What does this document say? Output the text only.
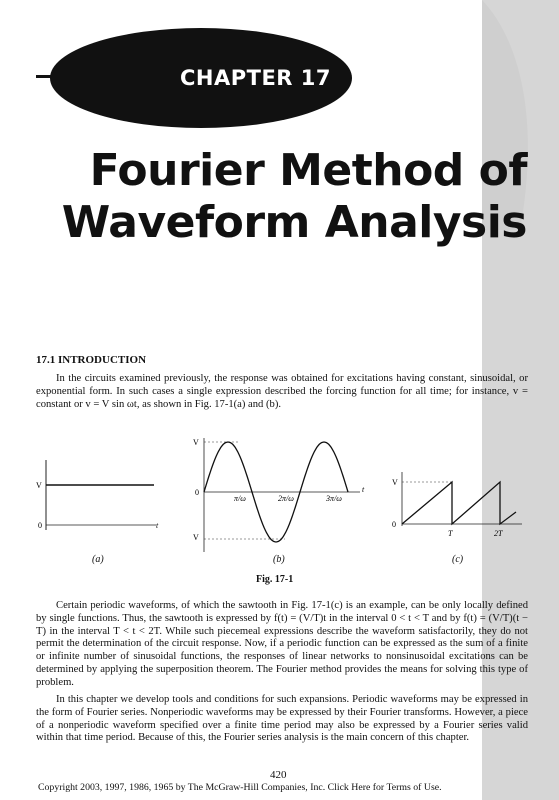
CHAPTER 17
Fourier Method of
Waveform Analysis
17.1 INTRODUCTION

In the circuits examined previously, the response was obtained for excitations having constant, sinusoidal, or exponential form. In such cases a single expression described the forcing function for all time; for instance, v = constant or v = V sin ωt, as shown in Fig. 17-1(a) and (b).

V
0	t
(a)
V
0
V
t
π/ω	2π/ω	3π/ω
(b)
V
0
T	2T
(c)
Fig. 17-1

Certain periodic waveforms, of which the sawtooth in Fig. 17-1(c) is an example, can be only locally defined by single functions. Thus, the sawtooth is expressed by f(t) = (V/T)t in the interval 0 < t < T and by f(t) = (V/T)(t − T) in the interval T < t < 2T. While such piecemeal expressions describe the waveform satisfactorily, they do not permit the determination of the circuit response. Now, if a periodic function can be expressed as the sum of a finite or infinite number of sinusoidal functions, the responses of linear networks to nonsinusoidal excitations can be determined by applying the superposition theorem. The Fourier method provides the means for solving this type of problem.

In this chapter we develop tools and conditions for such expansions. Periodic waveforms may be expressed in the form of Fourier series. Nonperiodic waveforms may be expressed by their Fourier transforms. However, a piece of a nonperiodic waveform specified over a finite time period may also be expressed by a Fourier series valid within that time period. Because of this, the Fourier series analysis is the main concern of this chapter.

420
Copyright 2003, 1997, 1986, 1965 by The McGraw-Hill Companies, Inc. Click Here for Terms of Use.
